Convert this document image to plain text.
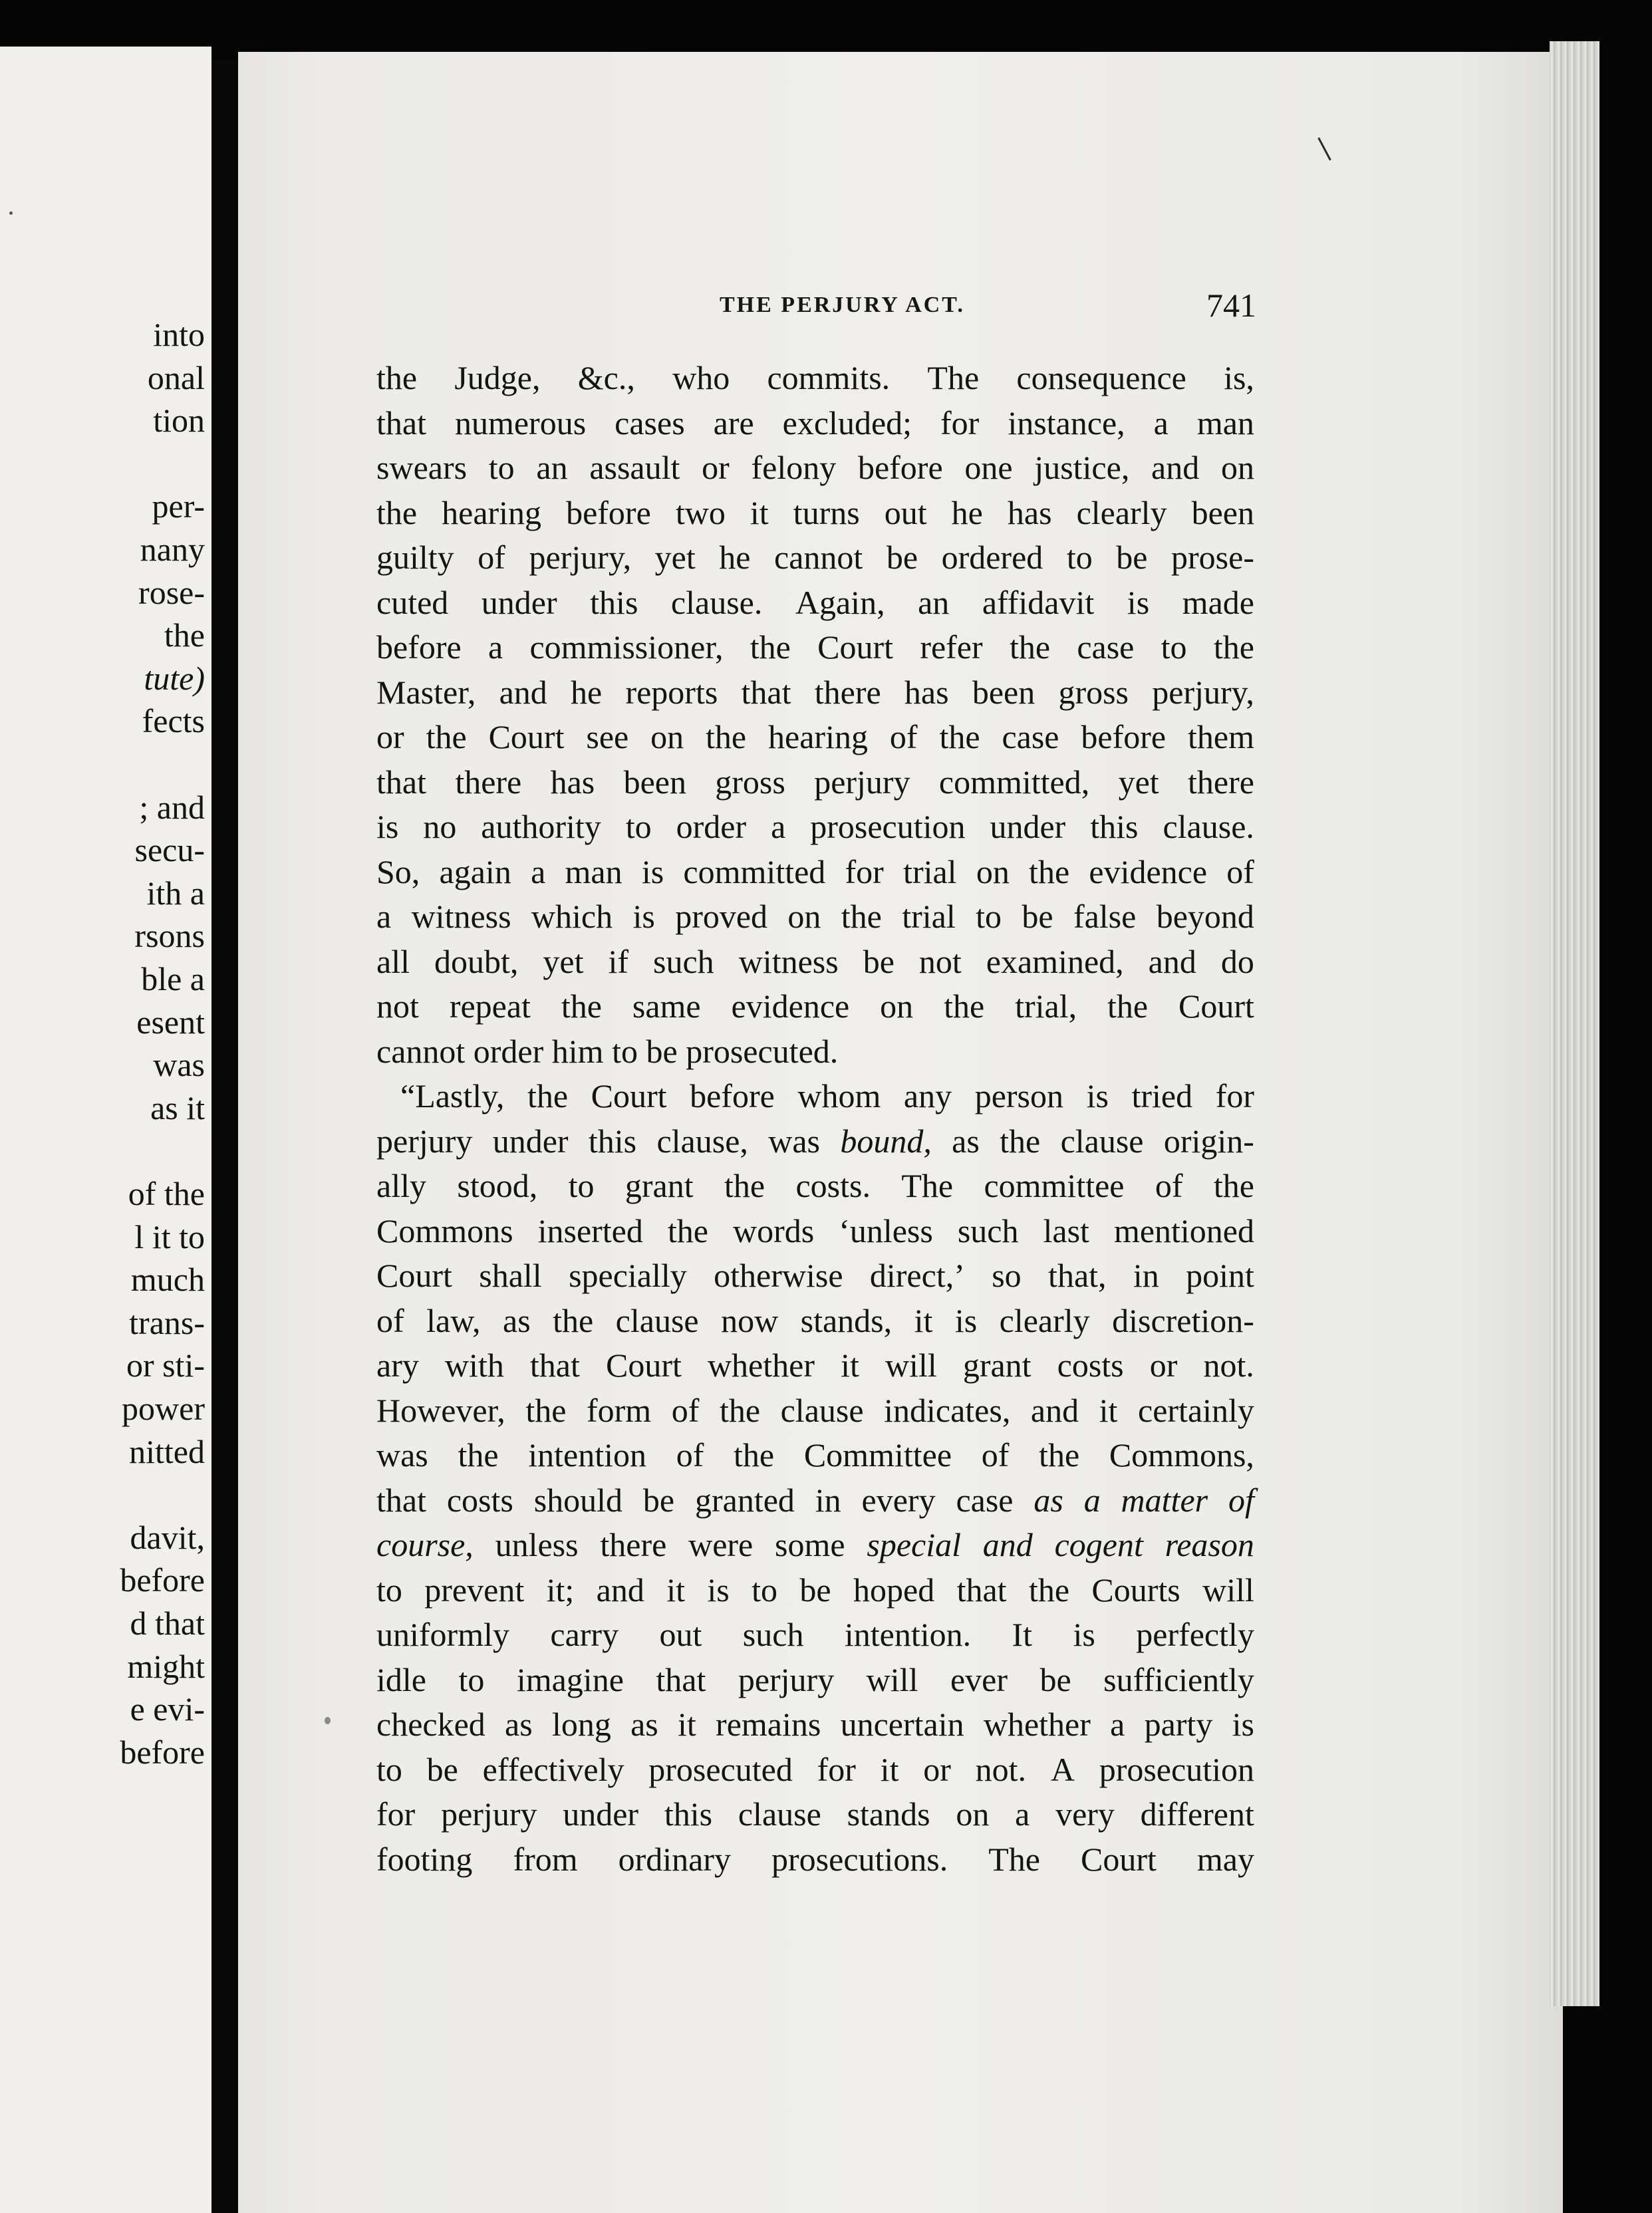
into
onal
tion
per-
nany
rose-
the
tute)
fects
; and
secu-
ith a
rsons
ble a
esent
was
as it
of the
l it to
much
trans-
or sti-
power
nitted
davit,
before
d that
might
e evi-
before
THE PERJURY ACT.	741
the Judge, &c., who commits. The consequence is,
that numerous cases are excluded; for instance, a man
swears to an assault or felony before one justice, and on
the hearing before two it turns out he has clearly been
guilty of perjury, yet he cannot be ordered to be prose-
cuted under this clause. Again, an affidavit is made
before a commissioner, the Court refer the case to the
Master, and he reports that there has been gross perjury,
or the Court see on the hearing of the case before them
that there has been gross perjury committed, yet there
is no authority to order a prosecution under this clause.
So, again a man is committed for trial on the evidence of
a witness which is proved on the trial to be false beyond
all doubt, yet if such witness be not examined, and do
not repeat the same evidence on the trial, the Court
cannot
order
him
to
be
prosecuted.

“Lastly, the Court before whom any person is tried for
perjury under this clause, was bound, as the clause origin-
ally stood, to grant the costs. The committee of the
Commons inserted the words ‘unless such last mentioned
Court shall specially otherwise direct,’ so that, in point
of law, as the clause now stands, it is clearly discretion-
ary with that Court whether it will grant costs or not.
However, the form of the clause indicates, and it certainly
was the intention of the Committee of the Commons,
that costs should be granted in every case as a matter of
course, unless there were some special and cogent reason
to prevent it; and it is to be hoped that the Courts will
uniformly carry out such intention. It is perfectly
idle to imagine that perjury will ever be sufficiently
checked as long as it remains uncertain whether a party is
to be effectively prosecuted for it or not. A prosecution
for perjury under this clause stands on a very different
footing from ordinary prosecutions. The Court may
